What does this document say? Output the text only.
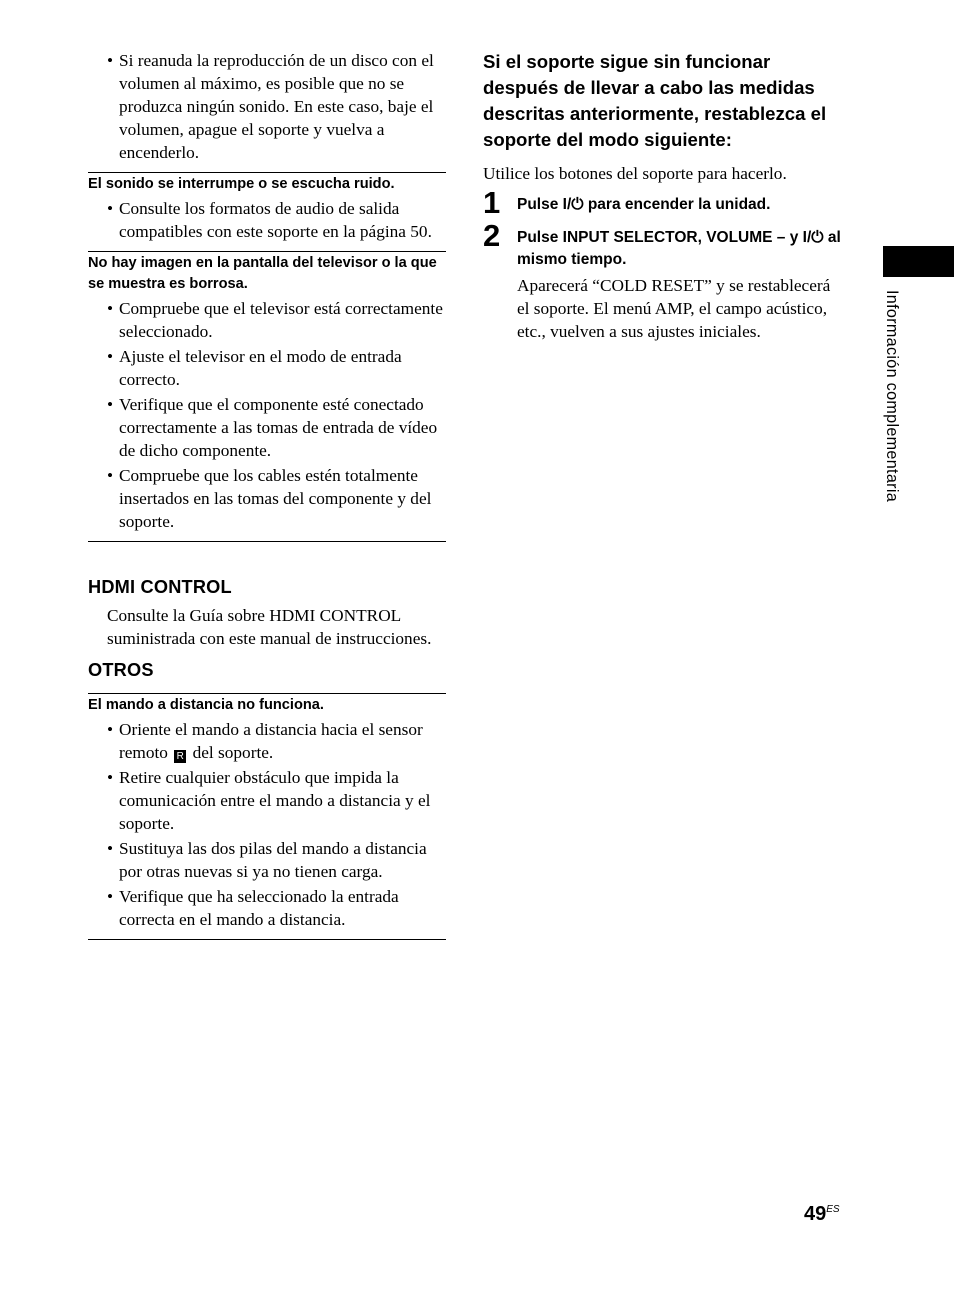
• Si reanuda la reproducción de un disco con el volumen al máximo, es posible que no se produzca ningún sonido. En este caso, baje el volumen, apague el soporte y vuelva a encenderlo.

El sonido se interrumpe o se escucha ruido.

• Consulte los formatos de audio de salida compatibles con este soporte en la página 50.

No hay imagen en la pantalla del televisor o la que se muestra es borrosa.

• Compruebe que el televisor está correctamente seleccionado.
• Ajuste el televisor en el modo de entrada correcto.
• Verifique que el componente esté conectado correctamente a las tomas de entrada de vídeo de dicho componente.
• Compruebe que los cables estén totalmente insertados en las tomas del componente y del soporte.
HDMI CONTROL

Consulte la Guía sobre HDMI CONTROL suministrada con este manual de instrucciones.

OTROS

El mando a distancia no funciona.

• Oriente el mando a distancia hacia el sensor remoto R del soporte.
• Retire cualquier obstáculo que impida la comunicación entre el mando a distancia y el soporte.
• Sustituya las dos pilas del mando a distancia por otras nuevas si ya no tienen carga.
• Verifique que ha seleccionado la entrada correcta en el mando a distancia.
Si el soporte sigue sin funcionar después de llevar a cabo las medidas descritas anteriormente, restablezca el soporte del modo siguiente:

Utilice los botones del soporte para hacerlo.

1 Pulse I/⏻ para encender la unidad.

2 Pulse INPUT SELECTOR, VOLUME – y I/⏻ al mismo tiempo.

Aparecerá “COLD RESET” y se restablecerá el soporte. El menú AMP, el campo acústico, etc., vuelven a sus ajustes iniciales.	Información complementaria
$49^{ES}$
